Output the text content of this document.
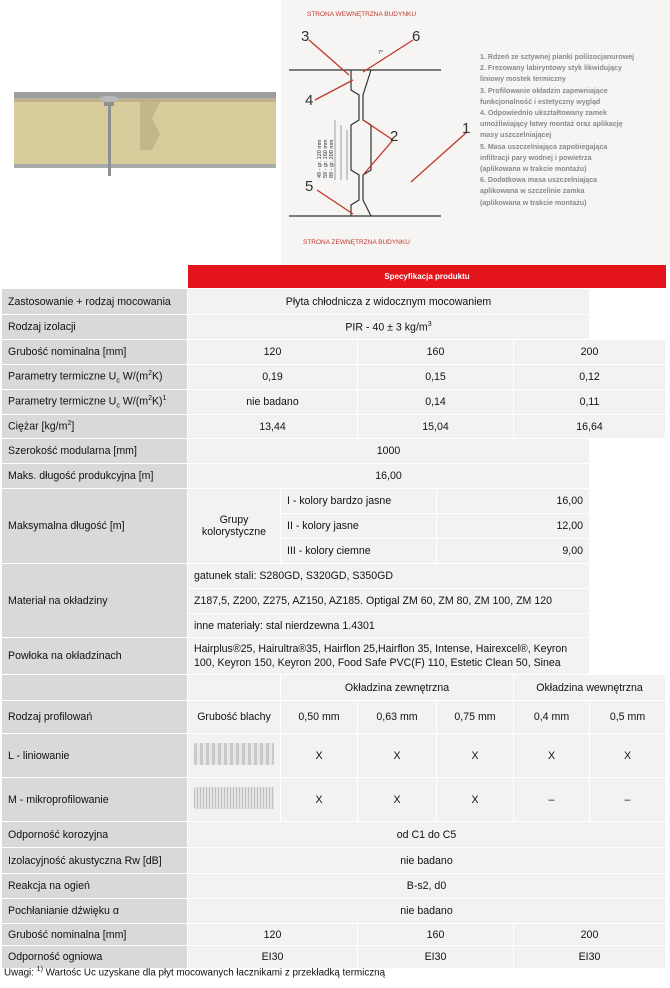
STRONA WEWNĘTRZNA BUDYNKU
STRONA ZEWNĘTRZNA BUDYNKU
3	6
4
2	1
5
7°
49 - gr. 120 mm 59 - gr. 160 mm 89 - gr. 200 mm
1. Rdzeń ze sztywnej pianki poliizocjanurowej
2. Frezowany labiryntowy styk likwidujący
liniowy mostek termiczny
3. Profilowanie okładzin zapewniające
funkcjonalność i estetyczny wygląd
4. Odpowiednio ukształtowany zamek
umożliwiający łatwy montaż oraz aplikację
masy uszczelniającej
5. Masa uszczelniająca zapobiegająca
infiltracji pary wodnej i powietrza
(aplikowana w trakcie montażu)
6. Dodatkowa masa uszczelniająca
aplikowana w szczelinie zamka
(aplikowana w trakcie montażu)
Specyfikacja produktu
Zastosowanie + rodzaj mocowania	Płyta chłodnicza z widocznym mocowaniem					
Rodzaj izolacji	PIR - 40 ± 3 $kg/m^3$
Grubość nominalna [mm]	120		160		200	
Parametry termiczne $U_c$ $W/(m^2K)$	0,19		0,15		0,12	
Parametry termiczne $U_c$ $W/(m^2K)^1$	nie badano		0,14		0,11	
Ciężar $[kg/m^2]$	13,44		15,04		16,64	
Szerokość modularna [mm]	1000					
Maks. długość produkcyjna [m]	16,00					
Maksymalna długość [m]	Grupy kolorystyczne	I - kolory bardzo jasne		16,00		
		II - kolory jasne		12,00		
		III - kolory ciemne		9,00		
Materiał na okładziny	gatunek stali: S280GD, S320GD, S350GD					
	Z187,5, Z200, Z275, AZ150, AZ185. Optigal ZM 60, ZM 80, ZM 100, ZM 120					
	inne materiały: stal nierdzewna 1.4301					
Powłoka na okładzinach	Hairplus®25, Hairultra®35, Hairflon 25,Hairflon 35, Intense, Hairexcel®, Keyron 100, Keyron 150, Keyron 200, Food Safe PVC(F) 110, Estetic Clean 50, Sinea					
		Okładzina zewnętrzna			Okładzina wewnętrzna	
Rodzaj profilowań	Grubość blachy	0,50 mm	0,63 mm	0,75 mm	0,4 mm	0,5 mm
L - liniowanie		X	X	X	X	X
M - mikroprofilowanie		X	X	X	–	–
Odporność korozyjna	od C1 do C5					
Izolacyjność akustyczna Rw [dB]	nie badano					
Reakcja na ogień	B-s2, d0					
Pochłanianie dźwięku α	nie badano					
Grubość nominalna [mm]	120		160		200	
Odporność ogniowa	EI30		EI30		EI30	
Uwagi: $^{1)}$ Wartośc Uc uzyskane dla płyt mocowanych łacznikami z przekładką termiczną
